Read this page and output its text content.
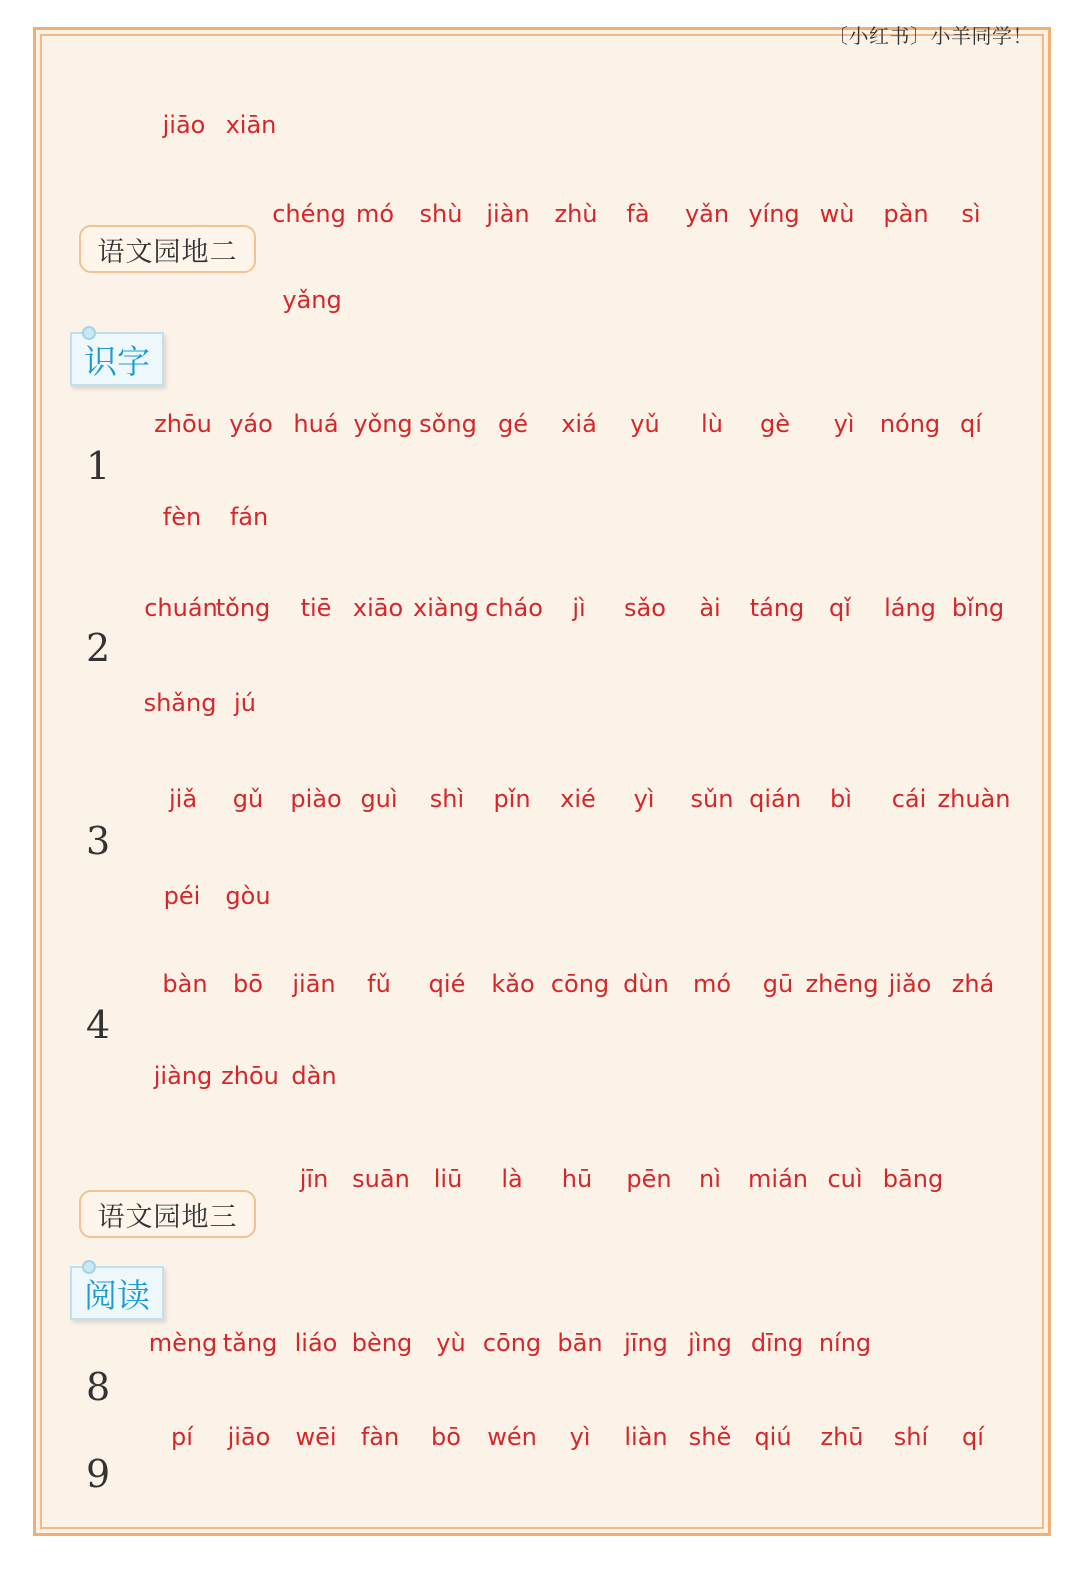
〔小红书〕小羊同学！
语文园地二
语文园地三
识字
阅读
1
2
3
4
8
9
jiāo xiān
chéng mó shù jiàn zhù fà yǎn yíng wù pàn sì
yǎng
zhōu yáo huá yǒng sǒng gé xiá yǔ lù gè yì nóng qí
fèn fán
chuán
tǒng tiē xiāo xiàng cháo jì sǎo ài táng qǐ láng bǐng
shǎng jú
jiǎ gǔ piào guì shì pǐn xié yì sǔn qián bì cái zhuàn
péi gòu
bàn bō jiān fǔ qié kǎo cōng dùn mó gū zhēng jiǎo zhá
jiàng zhōu dàn
jīn suān liū là hū pēn nì mián cuì bāng
mèng tǎng liáo bèng yù cōng bān jīng jìng dīng níng
pí jiāo wēi fàn bō wén yì liàn shě qiú zhū shí qí
